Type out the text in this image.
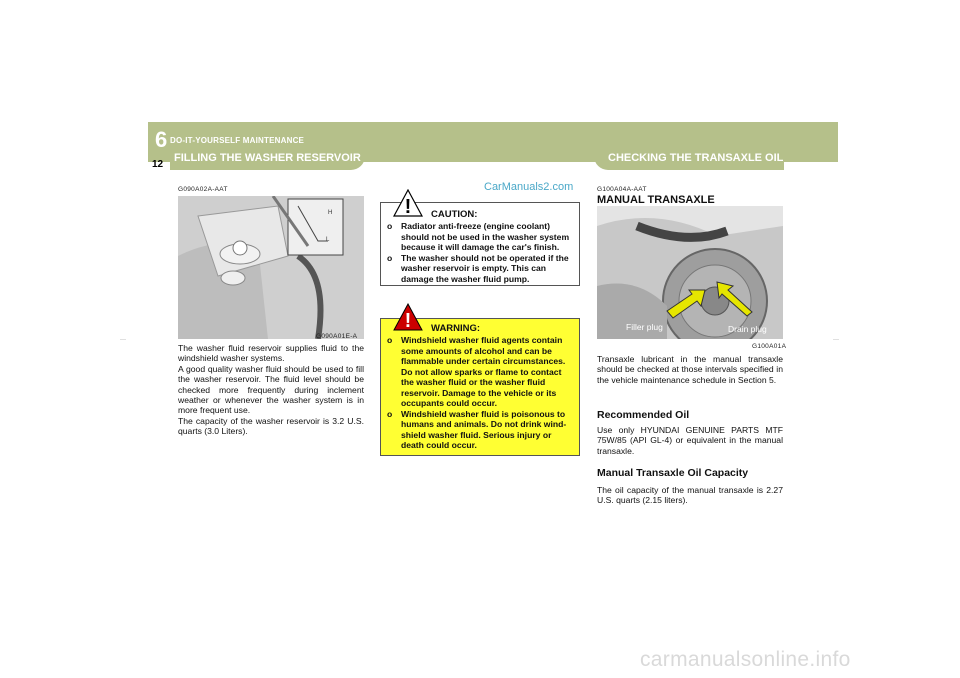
6 DO-IT-YOURSELF MAINTENANCE
12
FILLING THE WASHER RESERVOIR	CHECKING THE TRANSAXLE OIL
—	—
G090A02A-AAT
H
L
G090A01E-A
The washer fluid reservoir supplies fluid to the windshield washer systems.
A good quality washer fluid should be used to fill the washer reservoir. The fluid level should be checked more frequently during inclement weather or whenever the washer system is in more frequent use.
The capacity of the washer reservoir is 3.2 U.S. quarts (3.0 Liters).
CarManuals2.com
! CAUTION:
o Radiator anti-freeze (engine coolant) should not be used in the washer system because it will damage the car's finish.
o The washer should not be operated if the washer reservoir is empty. This can damage the washer fluid pump.
! WARNING:
o Windshield washer fluid agents contain some amounts of alcohol and can be flammable under certain circumstances. Do not allow sparks or flame to contact the washer fluid or the washer fluid reservoir. Damage to the vehicle or its occupants could occur.
o Windshield washer fluid is poisonous to humans and animals. Do not drink wind-shield washer fluid. Serious injury or death could occur.
G100A04A-AAT
MANUAL TRANSAXLE
Filler plug	Drain plug
G100A01A
Transaxle lubricant in the manual transaxle should be checked at those intervals specified in the vehicle maintenance schedule in Section 5.
Recommended Oil
Use only HYUNDAI GENUINE PARTS MTF 75W/85 (API GL-4) or equivalent in the manual transaxle.
Manual Transaxle Oil Capacity
The oil capacity of the manual transaxle is 2.27 U.S. quarts (2.15 liters).
carmanualsonline.info
